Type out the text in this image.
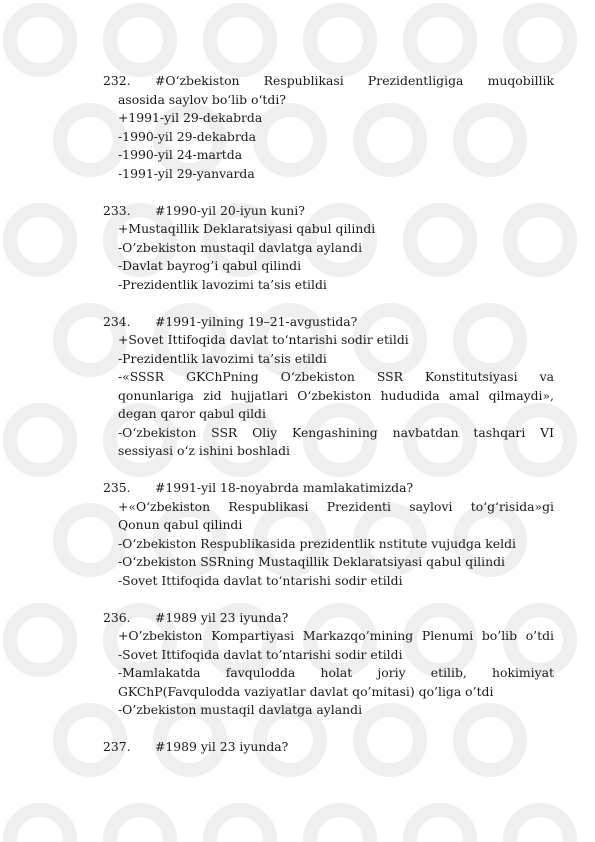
232.	#O‘zbekiston Respublikasi Prezidentligiga muqobillik
asosida saylov bo‘lib o‘tdi?
+1991-yil 29-dekabrda
-1990-yil 29-dekabrda
-1990-yil 24-martda
-1991-yil 29-yanvarda
233.	#1990-yil 20-iyun kuni?
+Mustaqillik Deklaratsiyasi qabul qilindi
-O’zbekiston mustaqil davlatga aylandi
-Davlat bayrog’i qabul qilindi
-Prezidentlik lavozimi ta’sis etildi
234.	#1991-yilning 19–21-avgustida?
+Sovet Ittifoqida davlat to‘ntarishi sodir etildi
-Prezidentlik lavozimi ta’sis etildi
-«SSSR GKChPning O‘zbekiston SSR Konstitutsiyasi va
qonunlariga zid hujjatlari O‘zbekiston hududida amal qilmaydi»,
degan qaror qabul qildi
-O‘zbekiston SSR Oliy Kengashining navbatdan tashqari VI
sessiyasi o‘z ishini boshladi
235.	#1991-yil 18-noyabrda mamlakatimizda?
+«O‘zbekiston Respublikasi Prezidenti saylovi to‘g‘risida»gi
Qonun qabul qilindi
-O‘zbekiston Respublikasida prezidentlik nstitute vujudga keldi
-O‘zbekiston SSRning Mustaqillik Deklaratsiyasi qabul qilindi
-Sovet Ittifoqida davlat to‘ntarishi sodir etildi
236.	#1989 yil 23 iyunda?
+O’zbekiston Kompartiyasi Markazqo’mining Plenumi bo’lib o’tdi
-Sovet Ittifoqida davlat to’ntarishi sodir etildi
-Mamlakatda favqulodda holat joriy etilib, hokimiyat
GKChP(Favqulodda vaziyatlar davlat qo’mitasi) qo’liga o’tdi
-O’zbekiston mustaqil davlatga aylandi
237.	#1989 yil 23 iyunda?
